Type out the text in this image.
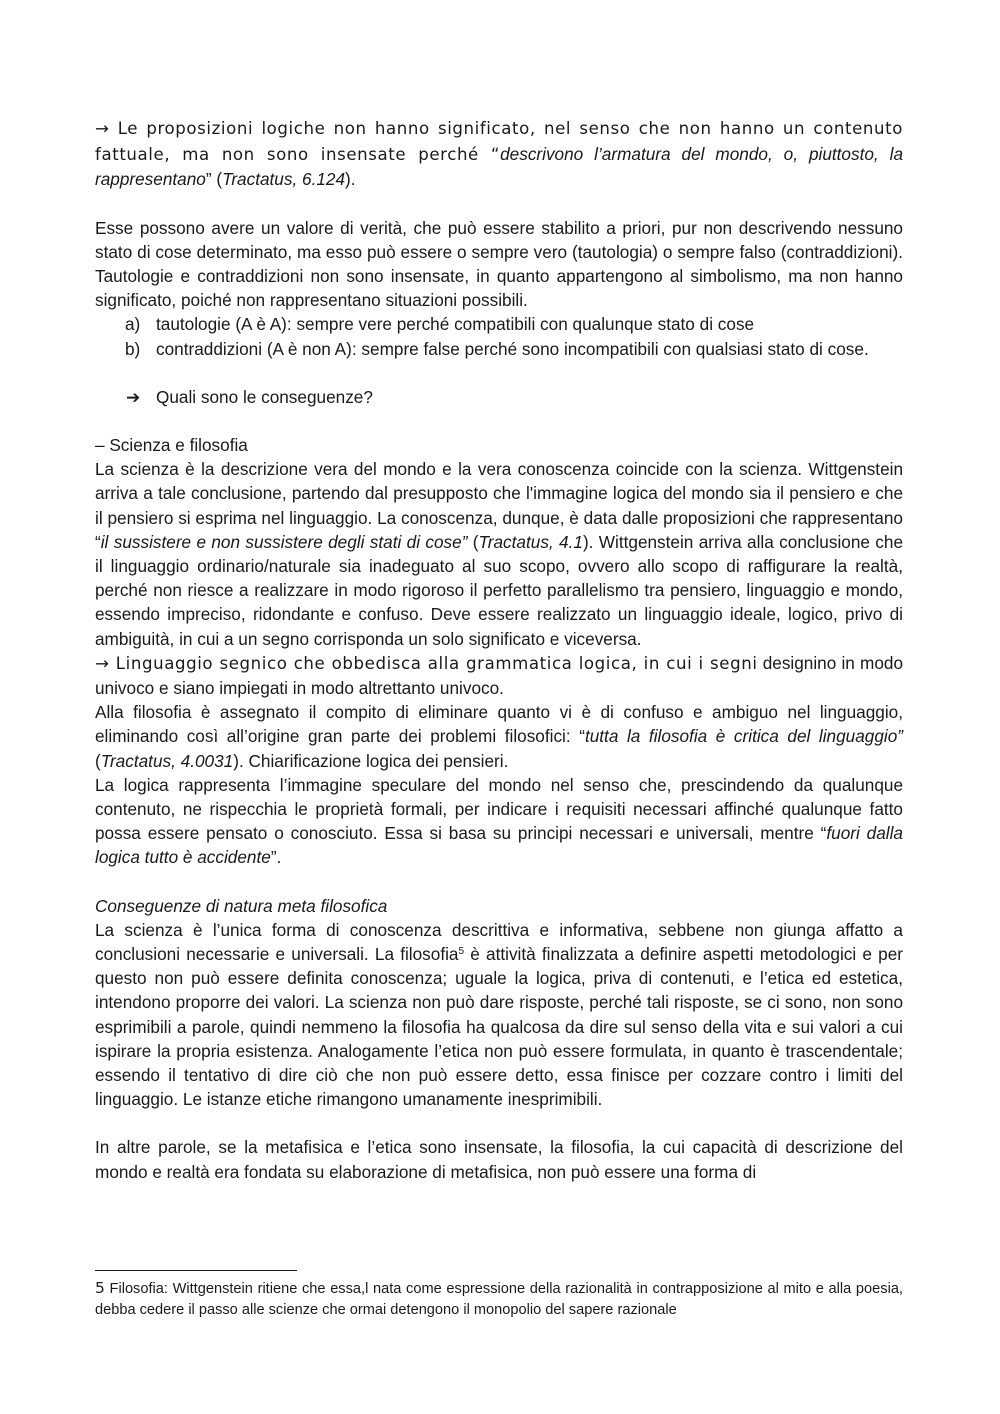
→ Le proposizioni logiche non hanno significato, nel senso che non hanno un contenuto fattuale, ma non sono insensate perché “descrivono l’armatura del mondo, o, piuttosto, la rappresentano” (Tractatus, 6.124).

Esse possono avere un valore di verità, che può essere stabilito a priori, pur non descrivendo nessuno stato di cose determinato, ma esso può essere o sempre vero (tautologia) o sempre falso (contraddizioni). Tautologie e contraddizioni non sono insensate, in quanto appartengono al simbolismo, ma non hanno significato, poiché non rappresentano situazioni possibili.

a) tautologie (A è A): sempre vere perché compatibili con qualunque stato di cose
b) contraddizioni (A è non A): sempre false perché sono incompatibili con qualsiasi stato di cose.

➔ Quali sono le conseguenze?

– Scienza e filosofia

La scienza è la descrizione vera del mondo e la vera conoscenza coincide con la scienza. Wittgenstein arriva a tale conclusione, partendo dal presupposto che l'immagine logica del mondo sia il pensiero e che il pensiero si esprima nel linguaggio. La conoscenza, dunque, è data dalle proposizioni che rappresentano “il sussistere e non sussistere degli stati di cose” (Tractatus, 4.1). Wittgenstein arriva alla conclusione che il linguaggio ordinario/naturale sia inadeguato al suo scopo, ovvero allo scopo di raffigurare la realtà, perché non riesce a realizzare in modo rigoroso il perfetto parallelismo tra pensiero, linguaggio e mondo, essendo impreciso, ridondante e confuso. Deve essere realizzato un linguaggio ideale, logico, privo di ambiguità, in cui a un segno corrisponda un solo significato e viceversa.

→ Linguaggio segnico che obbedisca alla grammatica logica, in cui i segni designino in modo univoco e siano impiegati in modo altrettanto univoco.

Alla filosofia è assegnato il compito di eliminare quanto vi è di confuso e ambiguo nel linguaggio, eliminando così all’origine gran parte dei problemi filosofici: “tutta la filosofia è critica del linguaggio” (Tractatus, 4.0031). Chiarificazione logica dei pensieri.

La logica rappresenta l’immagine speculare del mondo nel senso che, prescindendo da qualunque contenuto, ne rispecchia le proprietà formali, per indicare i requisiti necessari affinché qualunque fatto possa essere pensato o conosciuto. Essa si basa su principi necessari e universali, mentre “fuori dalla logica tutto è accidente”.

Conseguenze di natura meta filosofica

La scienza è l’unica forma di conoscenza descrittiva e informativa, sebbene non giunga affatto a conclusioni necessarie e universali. La filosofia$^5$ è attività finalizzata a definire aspetti metodologici e per questo non può essere definita conoscenza; uguale la logica, priva di contenuti, e l’etica ed estetica, intendono proporre dei valori. La scienza non può dare risposte, perché tali risposte, se ci sono, non sono esprimibili a parole, quindi nemmeno la filosofia ha qualcosa da dire sul senso della vita e sui valori a cui ispirare la propria esistenza. Analogamente l’etica non può essere formulata, in quanto è trascendentale; essendo il tentativo di dire ciò che non può essere detto, essa finisce per cozzare contro i limiti del linguaggio. Le istanze etiche rimangono umanamente inesprimibili.

In altre parole, se la metafisica e l’etica sono insensate, la filosofia, la cui capacità di descrizione del mondo e realtà era fondata su elaborazione di metafisica, non può essere una forma di

5 Filosofia: Wittgenstein ritiene che essa,l nata come espressione della razionalità in contrapposizione al mito e alla poesia, debba cedere il passo alle scienze che ormai detengono il monopolio del sapere razionale
